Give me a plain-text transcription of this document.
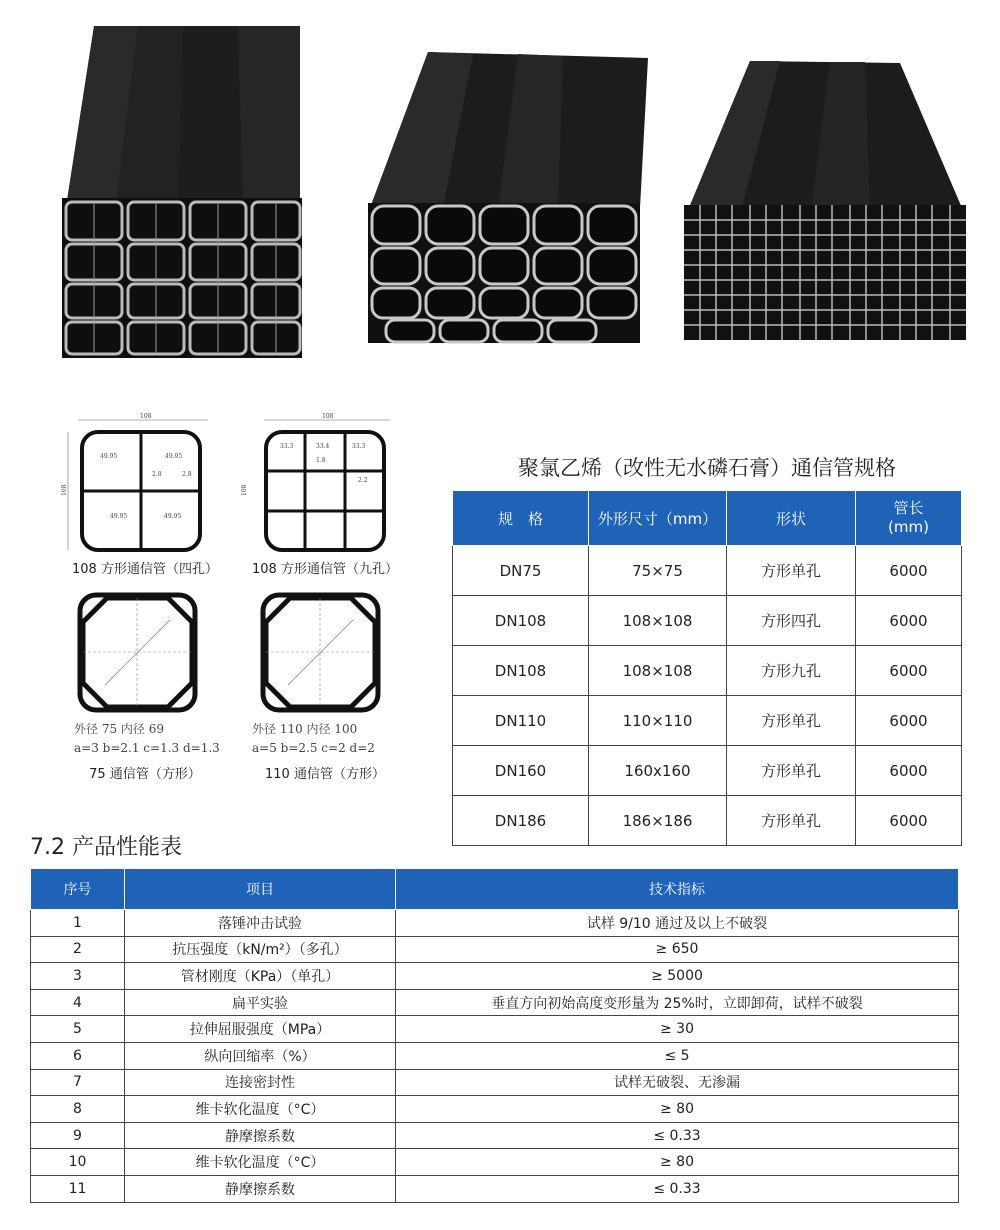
108
108
49.95	49.95
2.8	2.8
49.95	49.95
108 方形通信管（四孔）
108
108
33.3	33.4	33.3
1.8
2.2
108 方形通信管（九孔）
外径 75 内径 69
a=3 b=2.1 c=1.3 d=1.3
75 通信管（方形）
外径 110 内径 100
a=5 b=2.5 c=2 d=2
110 通信管（方形）
聚氯乙烯（改性无水磷石膏）通信管规格
规　格	外形尺寸（mm）	形状	管长
(mm)
DN75	75×75	方形单孔	6000
DN108	108×108	方形四孔	6000
DN108	108×108	方形九孔	6000
DN110	110×110	方形单孔	6000
DN160	160x160	方形单孔	6000
DN186	186×186	方形单孔	6000
7.2 产品性能表
序号	项目	技术指标
1	落锤冲击试验	试样 9/10 通过及以上不破裂
2	抗压强度（kN/m²）（多孔）	≥ 650
3	管材刚度（KPa）（单孔）	≥ 5000
4	扁平实验	垂直方向初始高度变形量为 25%时，立即卸荷，试样不破裂
5	拉伸屈服强度（MPa）	≥ 30
6	纵向回缩率（%）	≤ 5
7	连接密封性	试样无破裂、无渗漏
8	维卡软化温度（°C）	≥ 80
9	静摩擦系数	≤ 0.33
10	维卡软化温度（°C）	≥ 80
11	静摩擦系数	≤ 0.33
